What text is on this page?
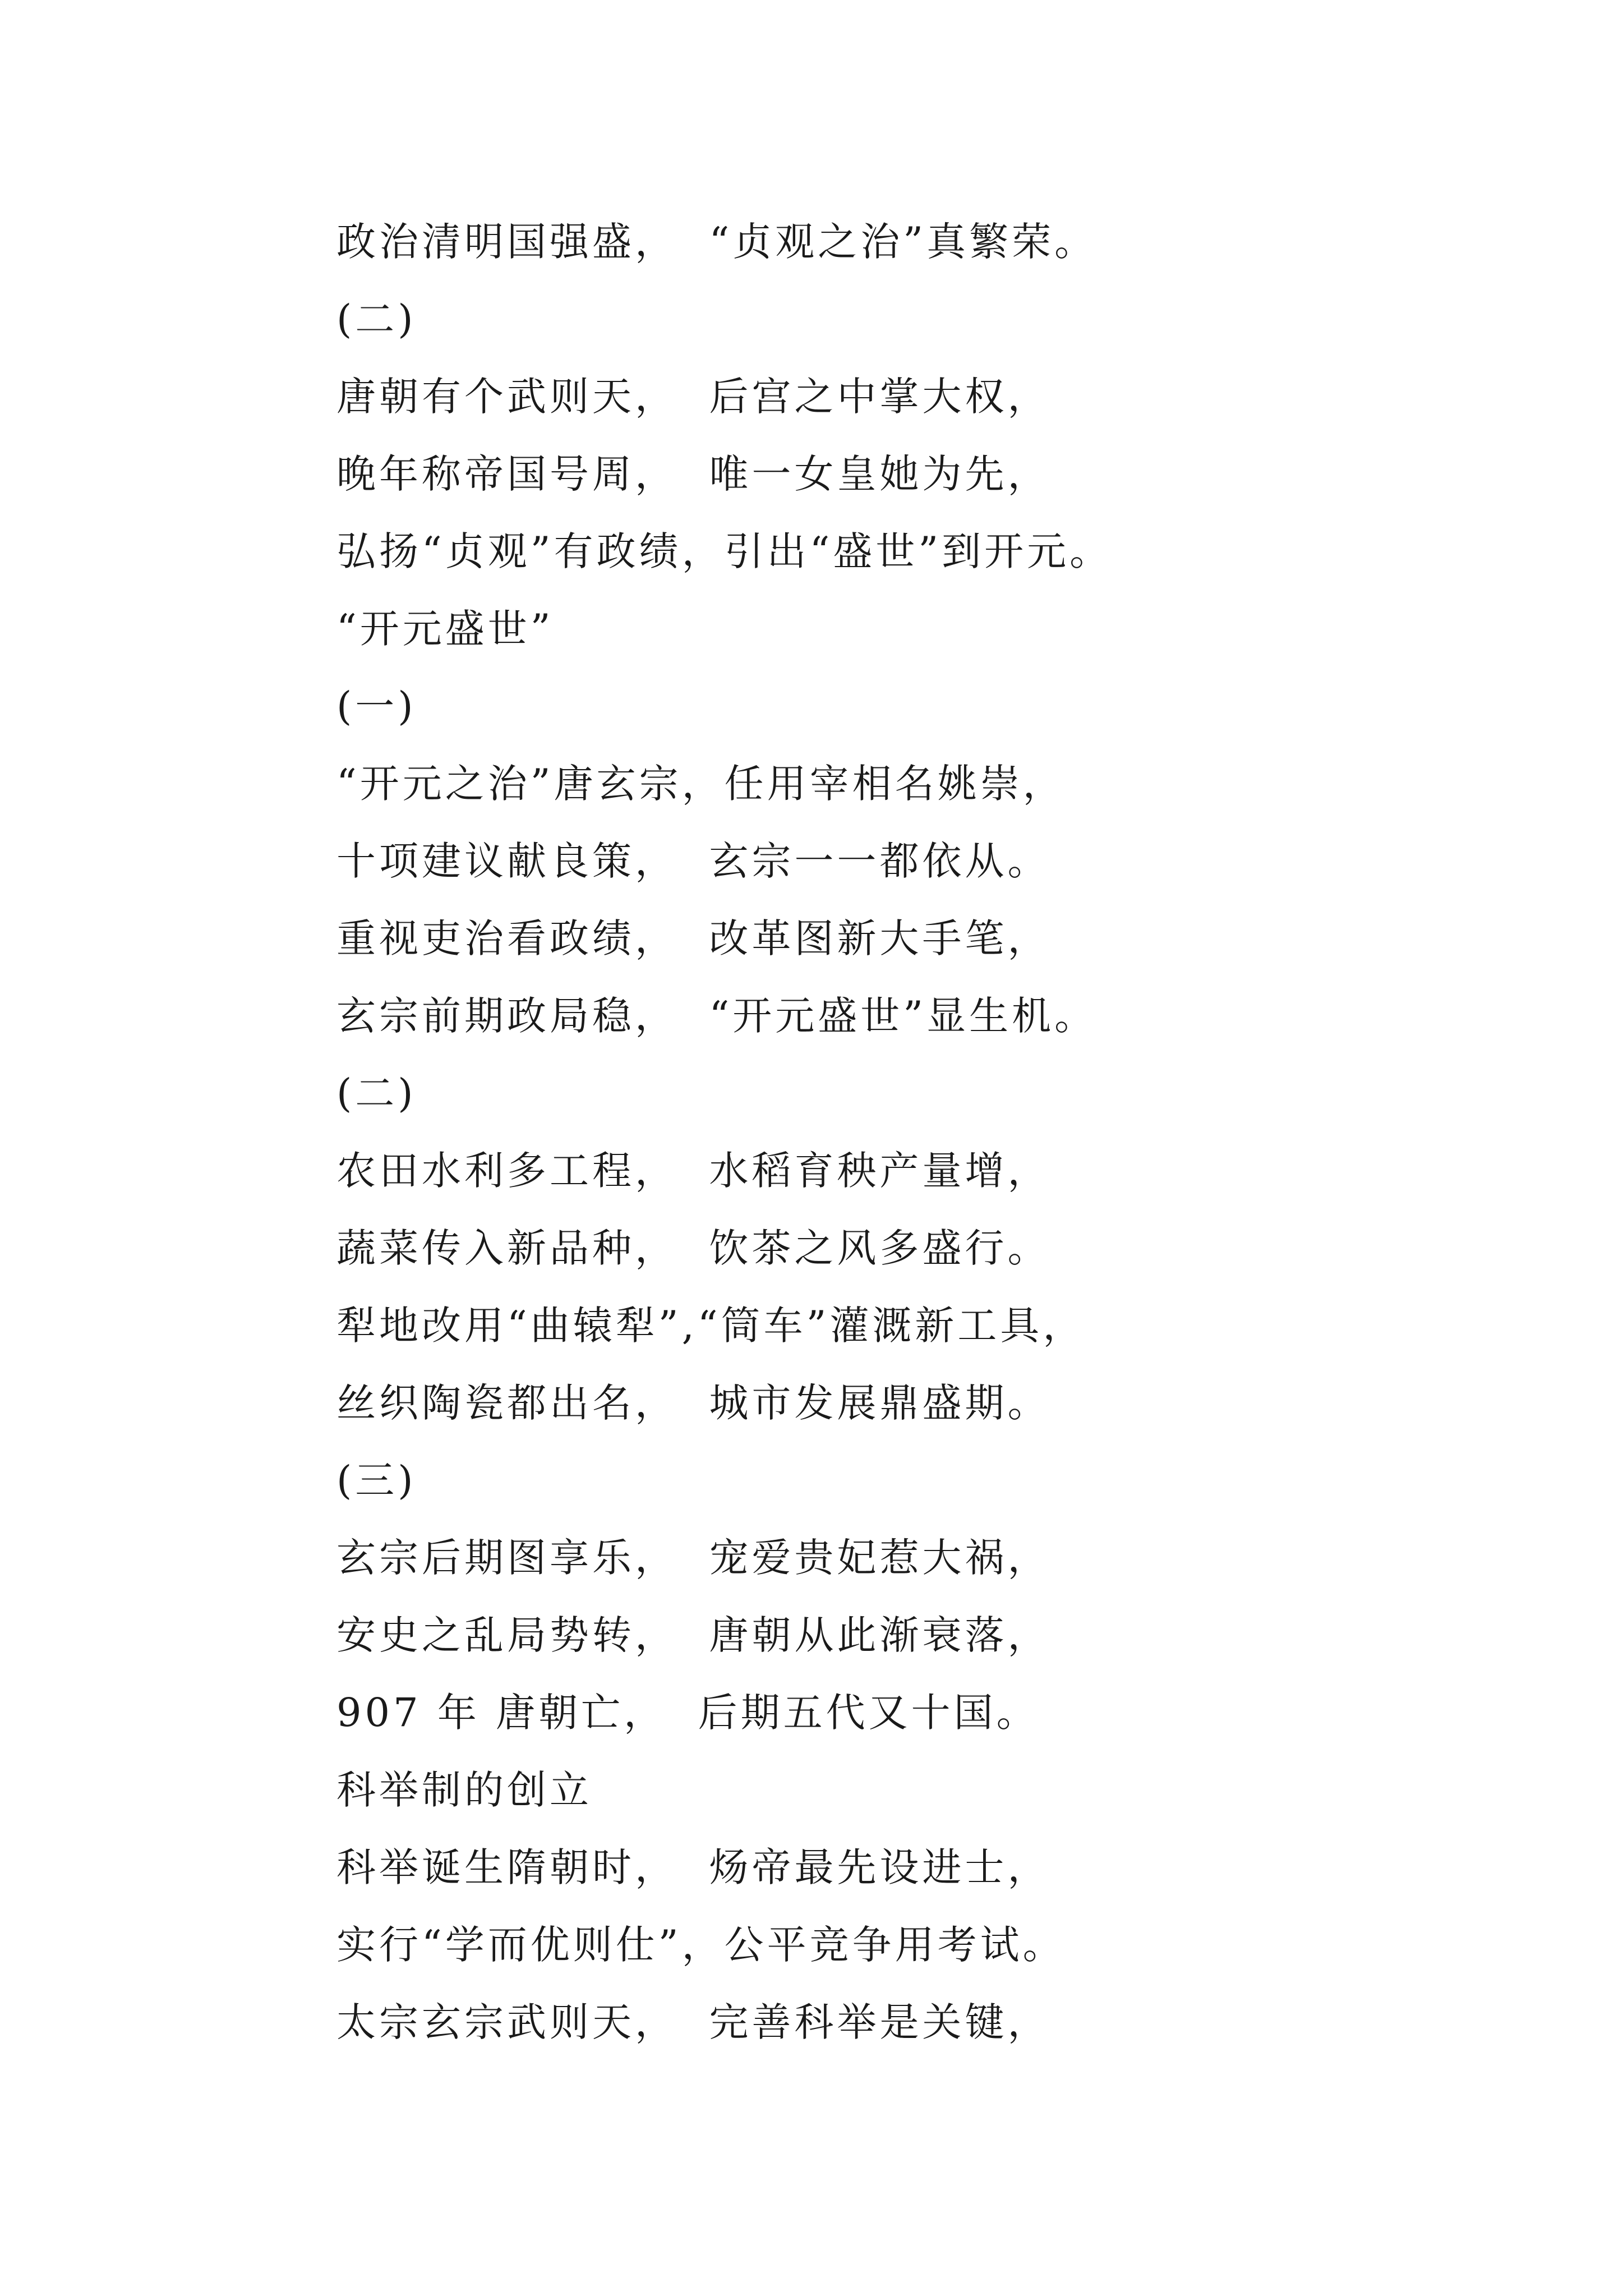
政治清明国强盛，  “贞观之治”真繁荣。
(二)
唐朝有个武则天，  后宫之中掌大权，
晚年称帝国号周，  唯一女皇她为先，
弘扬“贞观”有政绩，引出“盛世”到开元。
“开元盛世”
(一)
“开元之治”唐玄宗，任用宰相名姚崇，
十项建议献良策，  玄宗一一都依从。
重视吏治看政绩，  改革图新大手笔，
玄宗前期政局稳，  “开元盛世”显生机。
(二)
农田水利多工程，  水稻育秧产量增，
蔬菜传入新品种，  饮茶之风多盛行。
犁地改用“曲辕犁”,“筒车”灌溉新工具，
丝织陶瓷都出名，  城市发展鼎盛期。
(三)
玄宗后期图享乐，  宠爱贵妃惹大祸，
安史之乱局势转，  唐朝从此渐衰落，
907 年 唐朝亡，  后期五代又十国。
科举制的创立
科举诞生隋朝时，  炀帝最先设进士，
实行“学而优则仕”，公平竞争用考试。
太宗玄宗武则天，  完善科举是关键，
